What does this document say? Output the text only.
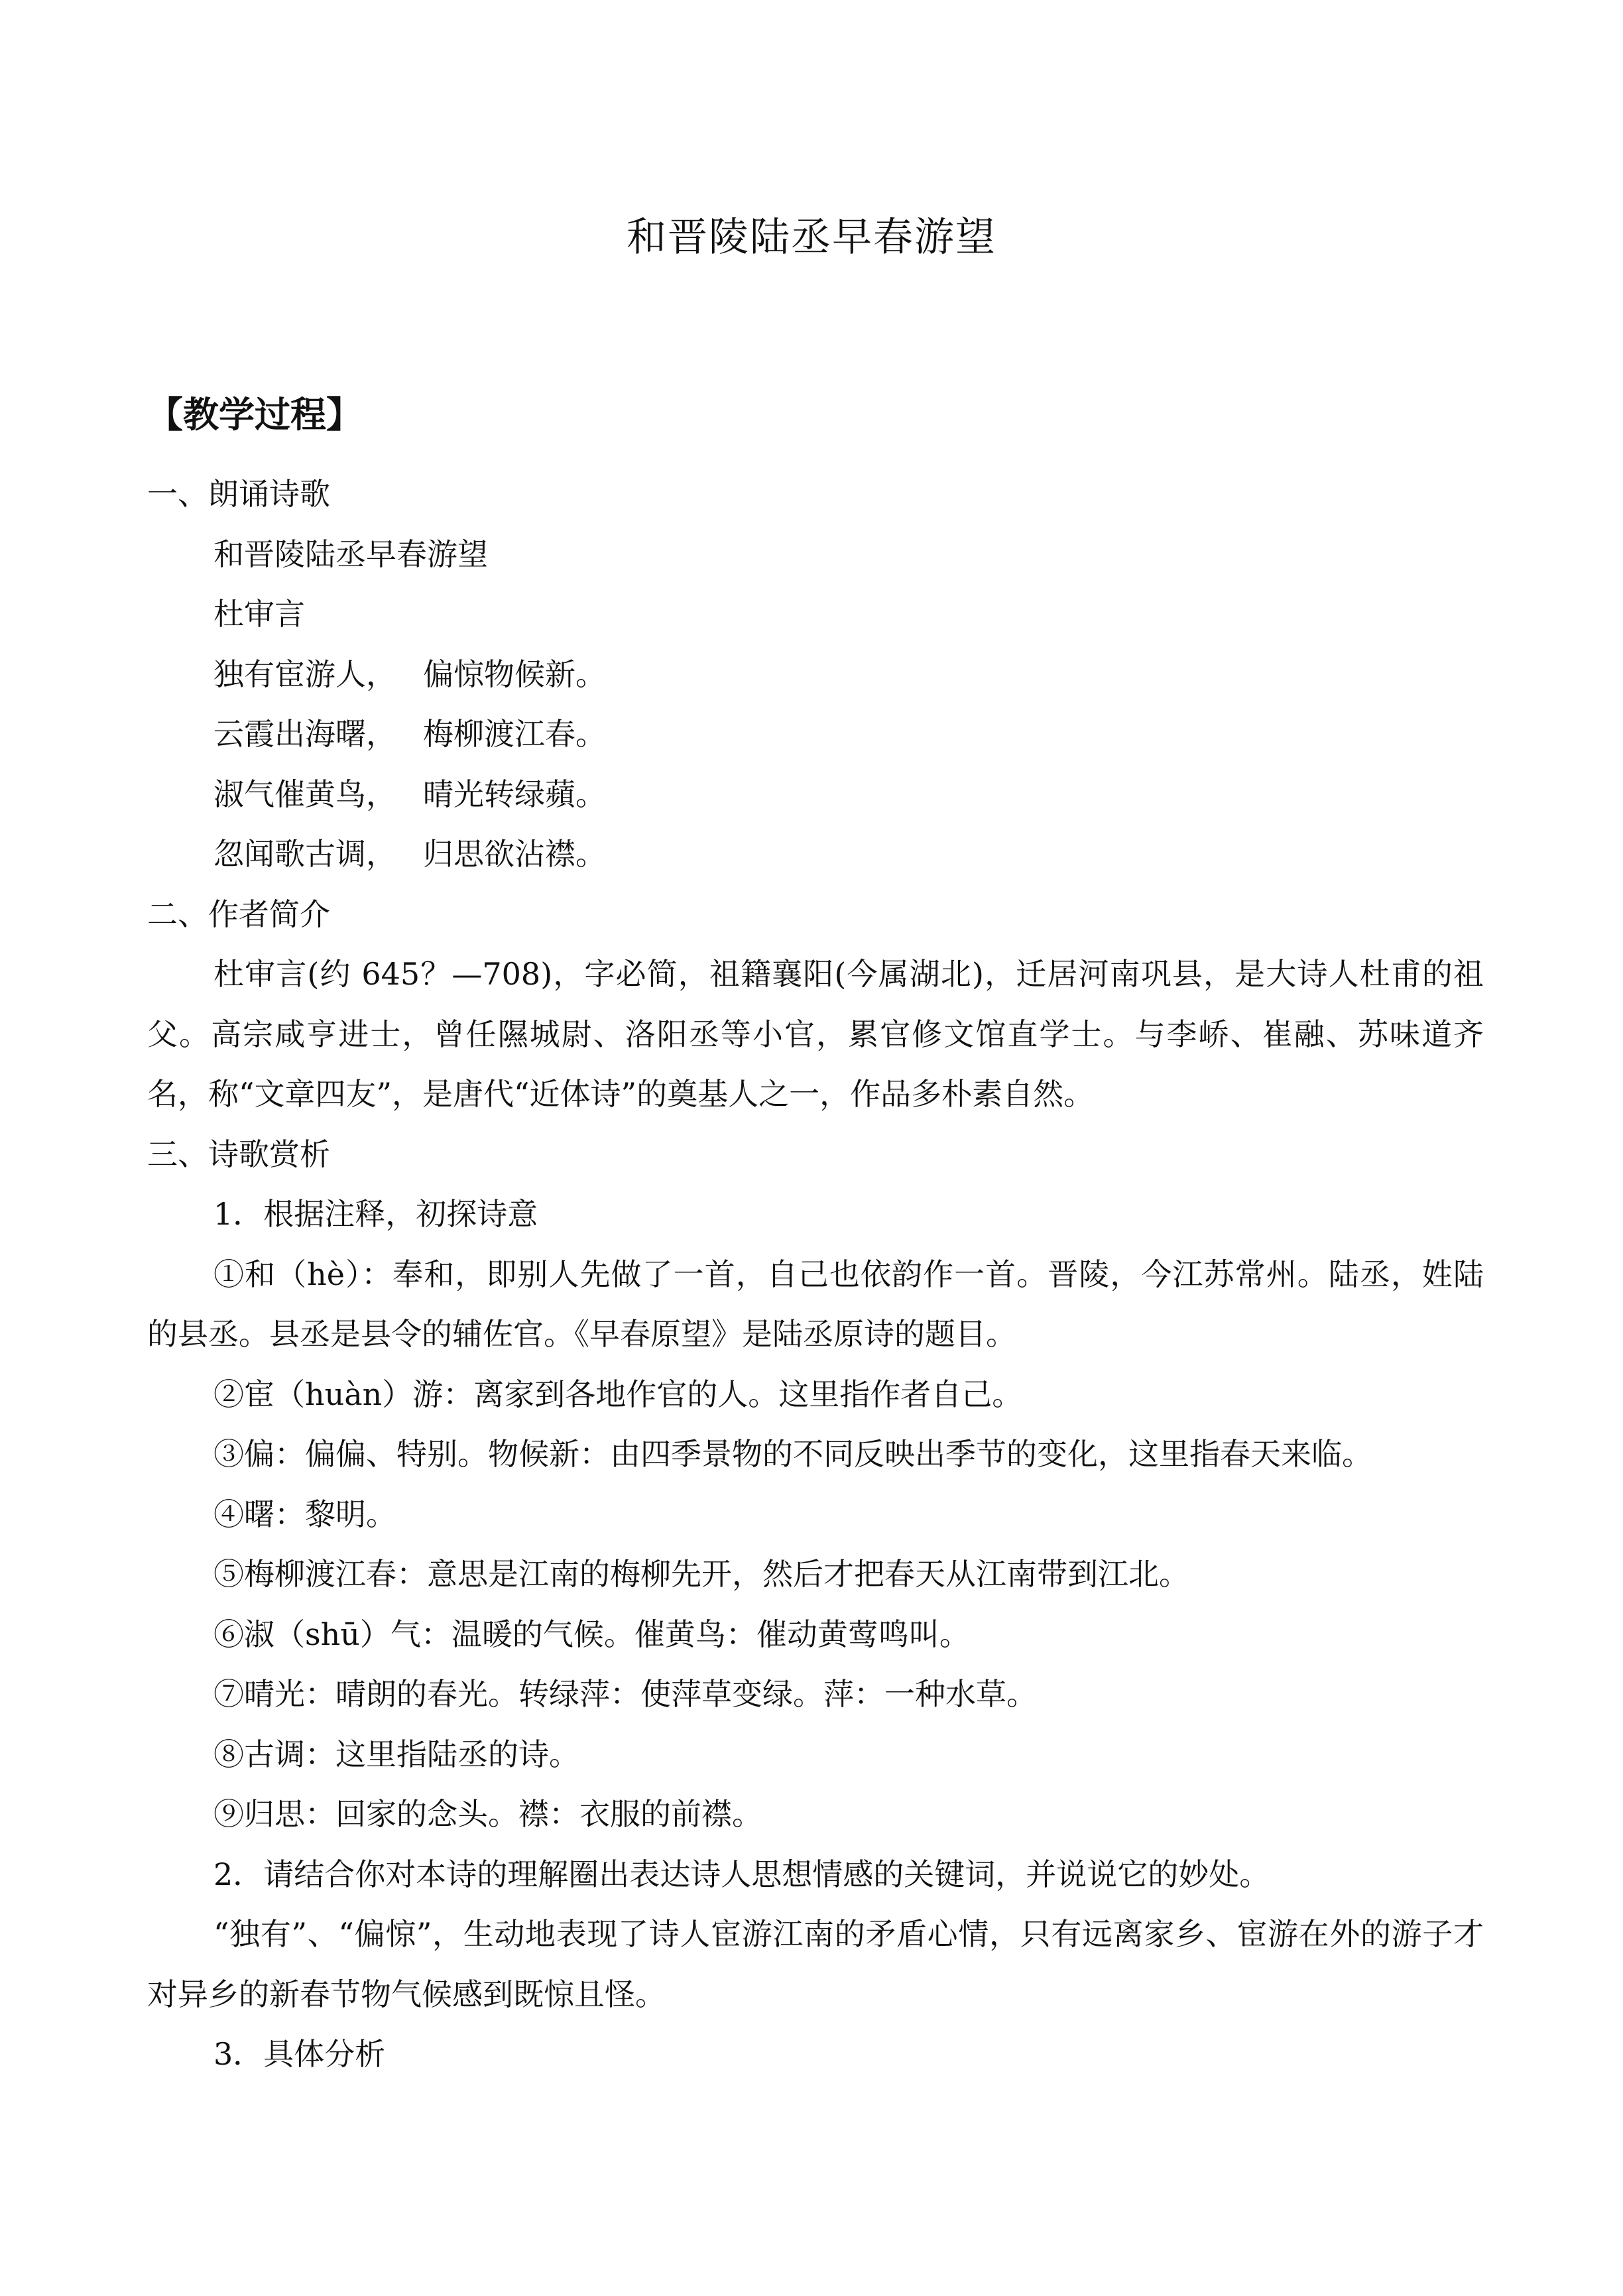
和晋陵陆丞早春游望
【教学过程】
一、朗诵诗歌
和晋陵陆丞早春游望
杜审言
独有宦游人， 偏惊物候新。
云霞出海曙， 梅柳渡江春。
淑气催黄鸟， 晴光转绿蘋。
忽闻歌古调， 归思欲沾襟。
二、作者简介
杜审言(约 645？—708)，字必简，祖籍襄阳(今属湖北)，迁居河南巩县，是大诗人杜甫的祖父。高宗咸亨进士，曾任隰城尉、洛阳丞等小官，累官修文馆直学士。与李峤、崔融、苏味道齐名，称“文章四友”，是唐代“近体诗”的奠基人之一，作品多朴素自然。
三、诗歌赏析
1．根据注释，初探诗意
①和（hè）：奉和，即别人先做了一首，自己也依韵作一首。晋陵，今江苏常州。陆丞，姓陆的县丞。县丞是县令的辅佐官。《早春原望》是陆丞原诗的题目。
②宦（huàn）游：离家到各地作官的人。这里指作者自己。
③偏：偏偏、特别。物候新：由四季景物的不同反映出季节的变化，这里指春天来临。
④曙：黎明。
⑤梅柳渡江春：意思是江南的梅柳先开，然后才把春天从江南带到江北。
⑥淑（shū）气：温暖的气候。催黄鸟：催动黄莺鸣叫。
⑦晴光：晴朗的春光。转绿萍：使萍草变绿。萍：一种水草。
⑧古调：这里指陆丞的诗。
⑨归思：回家的念头。襟：衣服的前襟。
2．请结合你对本诗的理解圈出表达诗人思想情感的关键词，并说说它的妙处。
“独有”、“偏惊”，生动地表现了诗人宦游江南的矛盾心情，只有远离家乡、宦游在外的游子才对异乡的新春节物气候感到既惊且怪。
3．具体分析
